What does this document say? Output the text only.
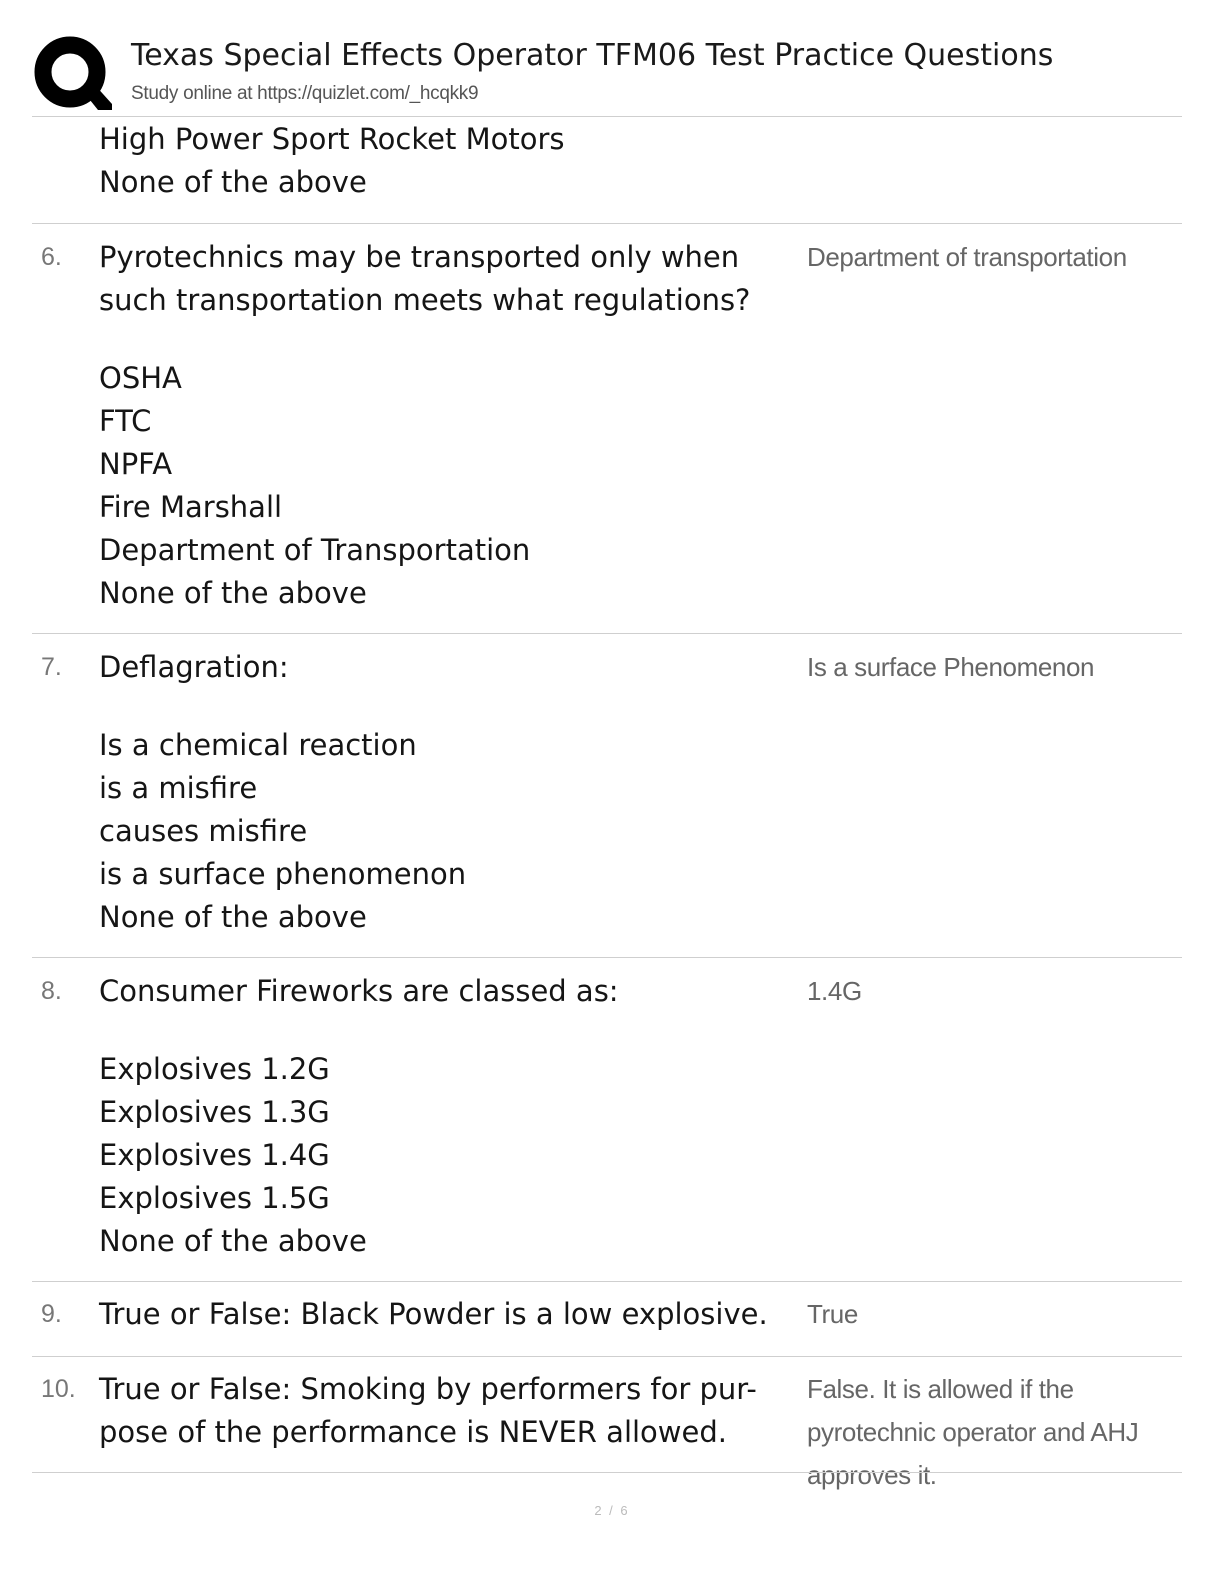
Texas Special Effects Operator TFM06 Test Practice Questions
Study online at https://quizlet.com/_hcqkk9
High Power Sport Rocket Motors
None of the above
6. Pyrotechnics may be transported only when such transportation meets what regulations?

OSHA
FTC
NPFA
Fire Marshall
Department of Transportation
None of the above
Department of transportation
7. Deflagration:

Is a chemical reaction
is a misfire
causes misfire
is a surface phenomenon
None of the above
Is a surface Phenomenon
8. Consumer Fireworks are classed as:

Explosives 1.2G
Explosives 1.3G
Explosives 1.4G
Explosives 1.5G
None of the above
1.4G
9. True or False: Black Powder is a low explosive.	True
10. True or False: Smoking by performers for pur-pose of the performance is NEVER allowed.

False. It is allowed if the pyrotechnic operator and AHJ approves it.
2 / 6
